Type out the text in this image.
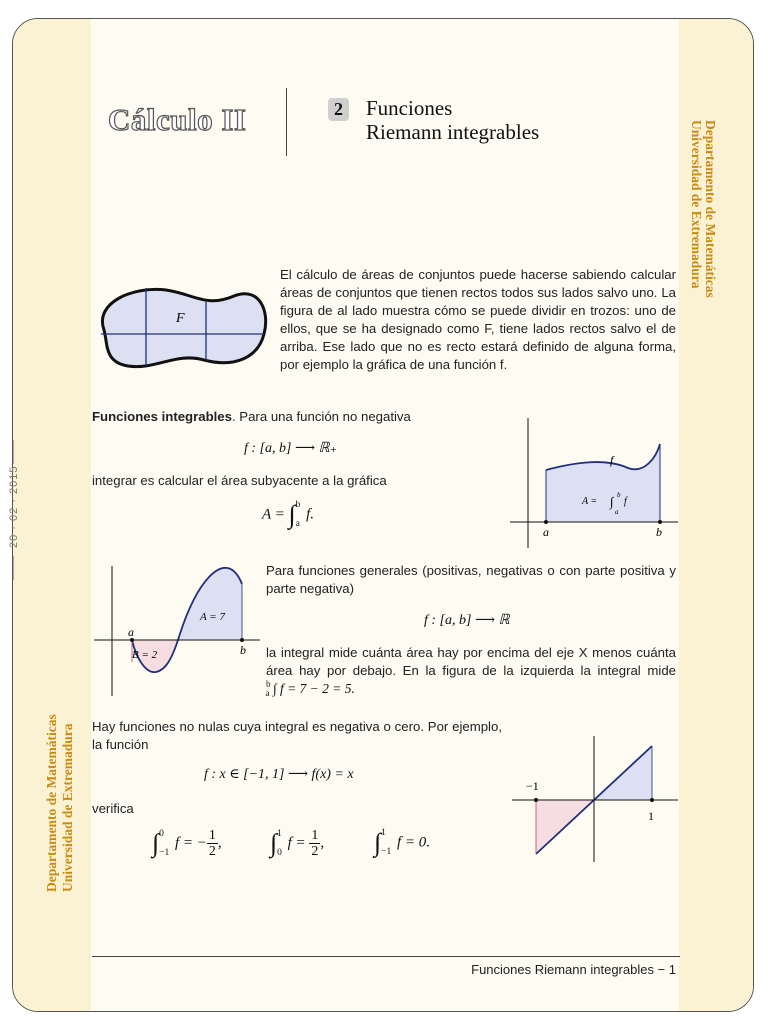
Departamento de Matemáticas
Universidad de Extremadura
Departamento de Matemáticas Universidad de Extremadura
20 · 02 · 2015
Cálculo II	2 Funciones
Riemann integrables
F
El cálculo de áreas de conjuntos puede hacerse sabiendo calcular áreas de conjuntos que tienen rectos todos sus lados salvo uno. La figura de al lado muestra cómo se puede dividir en trozos: uno de ellos, que se ha designado como F, tiene lados rectos salvo el de arriba. Ese lado que no es recto estará definido de alguna forma, por ejemplo la gráfica de una función f.
Funciones integrables. Para una función no negativa
f : [a, b] ⟶ ℝ₊
integrar es calcular el área subyacente a la gráfica
A = ∫ b
a
f.
f
A = ∫ b
a
f
a	b
a
b
A = 7
B = 2
Para funciones generales (positivas, negativas o con parte positiva y parte negativa)
f : [a, b] ⟶ ℝ
la integral mide cuánta área hay por encima del eje X menos cuánta área hay por debajo. En la figura de la izquierda la integral mide $^b_a$ ∫ f = 7 − 2 = 5.
Hay funciones no nulas cuya integral es negativa o cero. Por ejemplo, la función
f : x ∈ [−1, 1] ⟶ f(x) = x
verifica
∫ 0
−1
f = − $\frac{1}{2}$ , ∫ 1
0
$f = \frac{1}{2}$ , ∫ 1
−1
f = 0.
−1
1
Funciones Riemann integrables − 1
